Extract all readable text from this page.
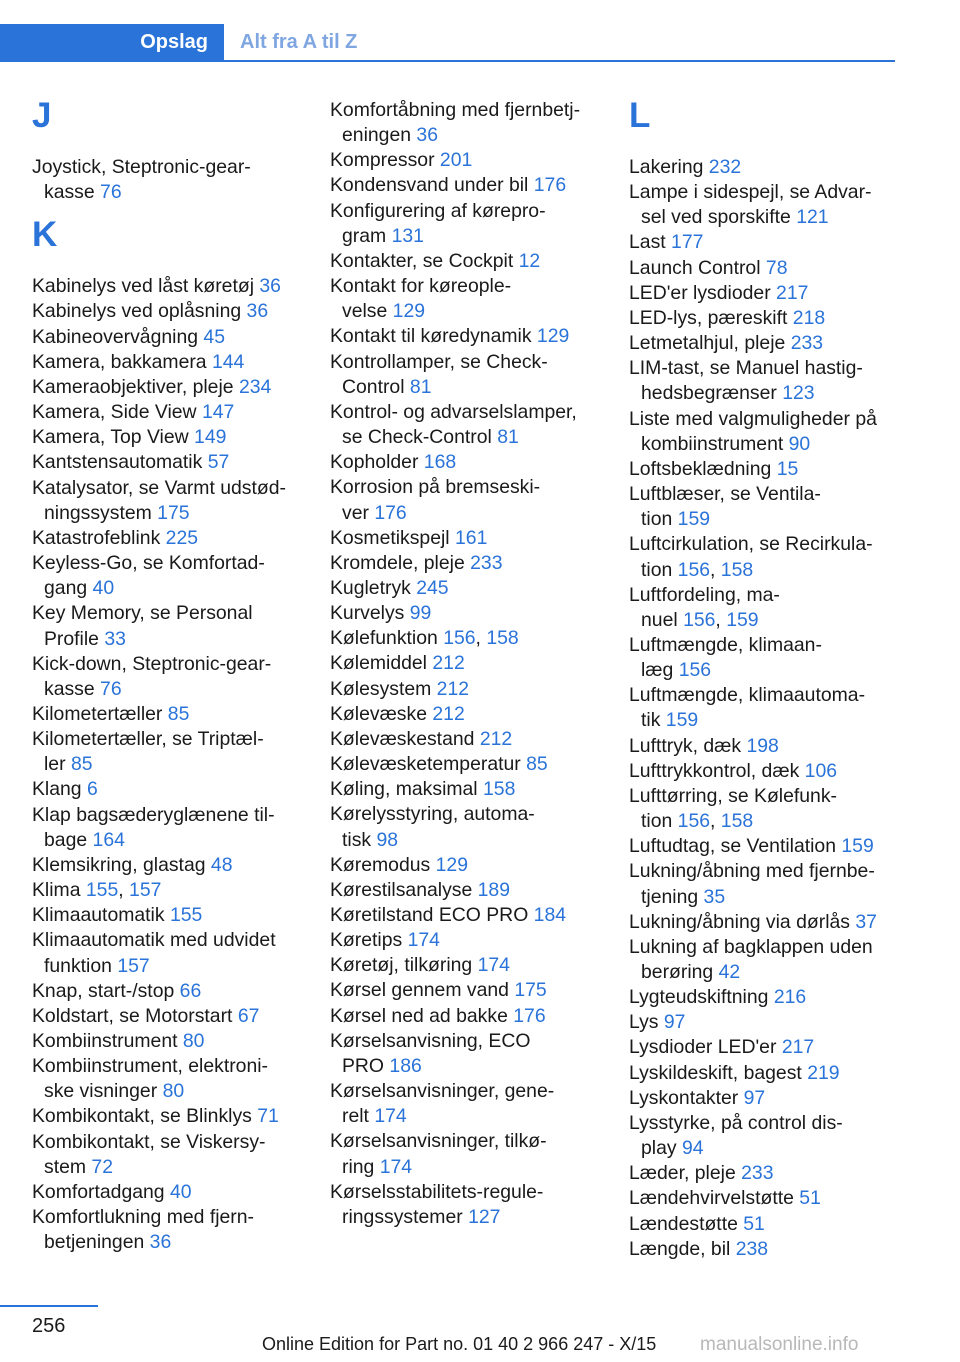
Opslag Alt fra A til Z
J
Joystick, Steptronic-gear-
kasse 76
K
Kabinelys ved låst køretøj 36
Kabinelys ved oplåsning 36
Kabineovervågning 45
Kamera, bakkamera 144
Kameraobjektiver, pleje 234
Kamera, Side View 147
Kamera, Top View 149
Kantstensautomatik 57
Katalysator, se Varmt udstød-
ningssystem 175
Katastrofeblink 225
Keyless-Go, se Komfortad-
gang 40
Key Memory, se Personal
Profile 33
Kick-down, Steptronic-gear-
kasse 76
Kilometertæller 85
Kilometertæller, se Triptæl-
ler 85
Klang 6
Klap bagsæderyglænene til-
bage 164
Klemsikring, glastag 48
Klima 155, 157
Klimaautomatik 155
Klimaautomatik med udvidet
funktion 157
Knap, start-/stop 66
Koldstart, se Motorstart 67
Kombiinstrument 80
Kombiinstrument, elektroni-
ske visninger 80
Kombikontakt, se Blinklys 71
Kombikontakt, se Viskersy-
stem 72
Komfortadgang 40
Komfortlukning med fjern-
betjeningen 36
Komfortåbning med fjernbetj-
eningen 36
Kompressor 201
Kondensvand under bil 176
Konfigurering af kørepro-
gram 131
Kontakter, se Cockpit 12
Kontakt for køreople-
velse 129
Kontakt til køredynamik 129
Kontrollamper, se Check-
Control 81
Kontrol- og advarselslamper,
se Check-Control 81
Kopholder 168
Korrosion på bremseski-
ver 176
Kosmetikspejl 161
Kromdele, pleje 233
Kugletryk 245
Kurvelys 99
Kølefunktion 156, 158
Kølemiddel 212
Kølesystem 212
Kølevæske 212
Kølevæskestand 212
Kølevæsketemperatur 85
Køling, maksimal 158
Kørelysstyring, automa-
tisk 98
Køremodus 129
Kørestilsanalyse 189
Køretilstand ECO PRO 184
Køretips 174
Køretøj, tilkøring 174
Kørsel gennem vand 175
Kørsel ned ad bakke 176
Kørselsanvisning, ECO
PRO 186
Kørselsanvisninger, gene-
relt 174
Kørselsanvisninger, tilkø-
ring 174
Kørselsstabilitets-regule-
ringssystemer 127
L
Lakering 232
Lampe i sidespejl, se Advar-
sel ved sporskifte 121
Last 177
Launch Control 78
LED'er lysdioder 217
LED-lys, pæreskift 218
Letmetalhjul, pleje 233
LIM-tast, se Manuel hastig-
hedsbegrænser 123
Liste med valgmuligheder på
kombiinstrument 90
Loftsbeklædning 15
Luftblæser, se Ventila-
tion 159
Luftcirkulation, se Recirkula-
tion 156, 158
Luftfordeling, ma-
nuel 156, 159
Luftmængde, klimaan-
læg 156
Luftmængde, klimaautoma-
tik 159
Lufttryk, dæk 198
Lufttrykkontrol, dæk 106
Lufttørring, se Kølefunk-
tion 156, 158
Luftudtag, se Ventilation 159
Lukning/åbning med fjernbe-
tjening 35
Lukning/åbning via dørlås 37
Lukning af bagklappen uden
berøring 42
Lygteudskiftning 216
Lys 97
Lysdioder LED'er 217
Lyskildeskift, bagest 219
Lyskontakter 97
Lysstyrke, på control dis-
play 94
Læder, pleje 233
Lændehvirvelstøtte 51
Lændestøtte 51
Længde, bil 238
256
Online Edition for Part no. 01 40 2 966 247 - X/15 manualsonline.info
